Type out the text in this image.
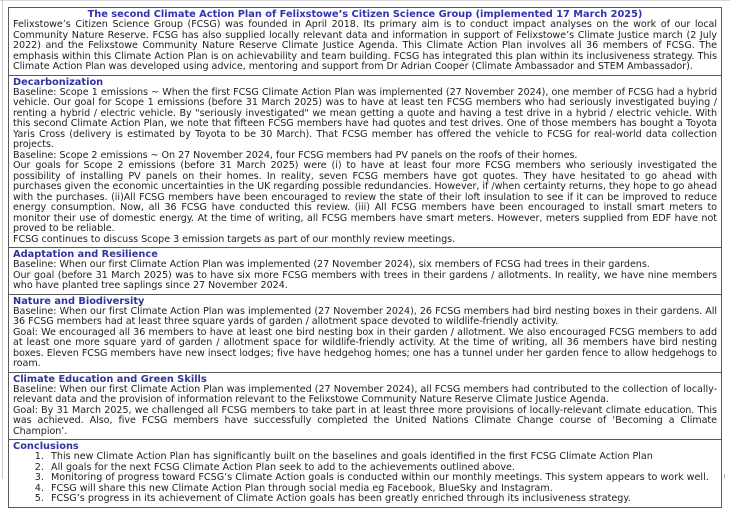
The second Climate Action Plan of Felixstowe’s Citizen Science Group (implemented 17 March 2025)

Felixstowe’s Citizen Science Group (FCSG) was founded in April 2018. Its primary aim is to conduct impact analyses on the work of our local Community Nature Reserve. FCSG has also supplied locally relevant data and information in support of Felixstowe’s Climate Justice march (2 July 2022) and the Felixstowe Community Nature Reserve Climate Justice Agenda. This Climate Action Plan involves all 36 members of FCSG. The emphasis within this Climate Action Plan is on achievability and team building. FCSG has integrated this plan within its inclusiveness strategy. This Climate Action Plan was developed using advice, mentoring and support from Dr Adrian Cooper (Climate Ambassador and STEM Ambassador).

Decarbonization

Baseline: Scope 1 emissions ~ When the first FCSG Climate Action Plan was implemented (27 November 2024), one member of FCSG had a hybrid vehicle. Our goal for Scope 1 emissions (before 31 March 2025) was to have at least ten FCSG members who had seriously investigated buying / renting a hybrid / electric vehicle. By "seriously investigated" we mean getting a quote and having a test drive in a hybrid / electric vehicle. With this second Climate Action Plan, we note that fifteen FCSG members have had quotes and test drives. One of those members has bought a Toyota Yaris Cross (delivery is estimated by Toyota to be 30 March). That FCSG member has offered the vehicle to FCSG for real-world data collection projects.

Baseline: Scope 2 emissions ~ On 27 November 2024, four FCSG members had PV panels on the roofs of their homes.

Our goals for Scope 2 emissions (before 31 March 2025) were (i) to have at least four more FCSG members who seriously investigated the possibility of installing PV panels on their homes. In reality, seven FCSG members have got quotes. They have hesitated to go ahead with purchases given the economic uncertainties in the UK regarding possible redundancies. However, if /when certainty returns, they hope to go ahead with the purchases. (ii)All FCSG members have been encouraged to review the state of their loft insulation to see if it can be improved to reduce energy consumption. Now, all 36 FCSG have conducted this review. (iii) All FCSG members have been encouraged to install smart meters to monitor their use of domestic energy. At the time of writing, all FCSG members have smart meters. However, meters supplied from EDF have not proved to be reliable.

FCSG continues to discuss Scope 3 emission targets as part of our monthly review meetings.

Adaptation and Resilience

Baseline: When our first Climate Action Plan was implemented (27 November 2024), six members of FCSG had trees in their gardens.

Our goal (before 31 March 2025) was to have six more FCSG members with trees in their gardens / allotments. In reality, we have nine members who have planted tree saplings since 27 November 2024.

Nature and Biodiversity

Baseline: When our first Climate Action Plan was implemented (27 November 2024), 26 FCSG members had bird nesting boxes in their gardens. All 36 FCSG members had at least three square yards of garden / allotment space devoted to wildlife-friendly activity.

Goal: We encouraged all 36 members to have at least one bird nesting box in their garden / allotment. We also encouraged FCSG members to add at least one more square yard of garden / allotment space for wildlife-friendly activity. At the time of writing, all 36 members have bird nesting boxes. Eleven FCSG members have new insect lodges; five have hedgehog homes; one has a tunnel under her garden fence to allow hedgehogs to roam.

Climate Education and Green Skills

Baseline: When our first Climate Action Plan was implemented (27 November 2024), all FCSG members had contributed to the collection of locally-relevant data and the provision of information relevant to the Felixstowe Community Nature Reserve Climate Justice Agenda.

Goal: By 31 March 2025, we challenged all FCSG members to take part in at least three more provisions of locally-relevant climate education. This was achieved. Also, five FCSG members have successfully completed the United Nations Climate Change course of ‘Becoming a Climate Champion’.

Conclusions
1. This new Climate Action Plan has significantly built on the baselines and goals identified in the first FCSG Climate Action Plan
2. All goals for the next FCSG Climate Action Plan seek to add to the achievements outlined above.
3. Monitoring of progress toward FCSG’s Climate Action goals is conducted within our monthly meetings. This system appears to work well.
4. FCSG will share this new Climate Action Plan through social media eg Facebook, BlueSky and Instagram.
5. FCSG’s progress in its achievement of Climate Action goals has been greatly enriched through its inclusiveness strategy.
